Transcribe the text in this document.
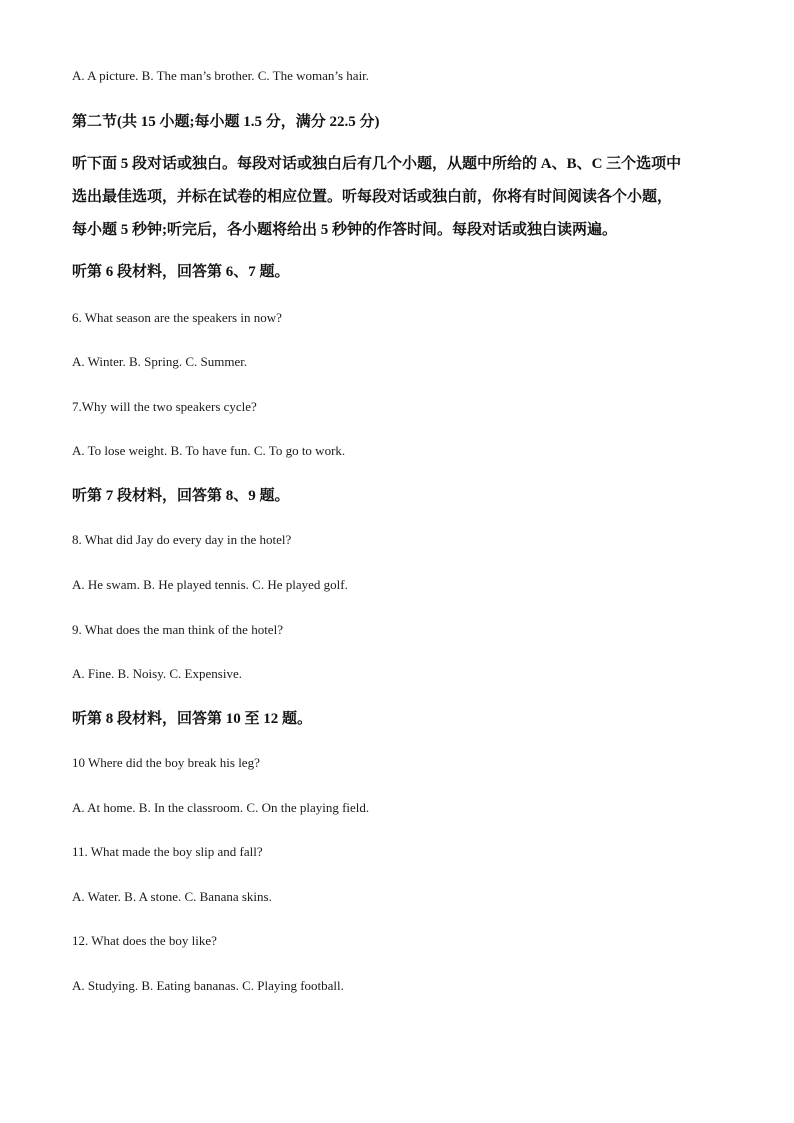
A. A picture. B. The man’s brother. C. The woman’s hair.
第二节(共 15 小题;每小题 1.5 分，满分 22.5 分)
听下面 5 段对话或独白。每段对话或独白后有几个小题，从题中所给的 A、B、C 三个选项中
选出最佳选项，并标在试卷的相应位置。听每段对话或独白前，你将有时间阅读各个小题，
每小题 5 秒钟;听完后，各小题将给出 5 秒钟的作答时间。每段对话或独白读两遍。
听第 6 段材料，回答第 6、7 题。
6. What season are the speakers in now?
A. Winter. B. Spring. C. Summer.
7.Why will the two speakers cycle?
A. To lose weight. B. To have fun. C. To go to work.
听第 7 段材料，回答第 8、9 题。
8. What did Jay do every day in the hotel?
A. He swam. B. He played tennis. C. He played golf.
9. What does the man think of the hotel?
A. Fine. B. Noisy. C. Expensive.
听第 8 段材料，回答第 10 至 12 题。
10 Where did the boy break his leg?
A. At home. B. In the classroom. C. On the playing field.
11. What made the boy slip and fall?
A. Water. B. A stone. C. Banana skins.
12. What does the boy like?
A. Studying. B. Eating bananas. C. Playing football.
